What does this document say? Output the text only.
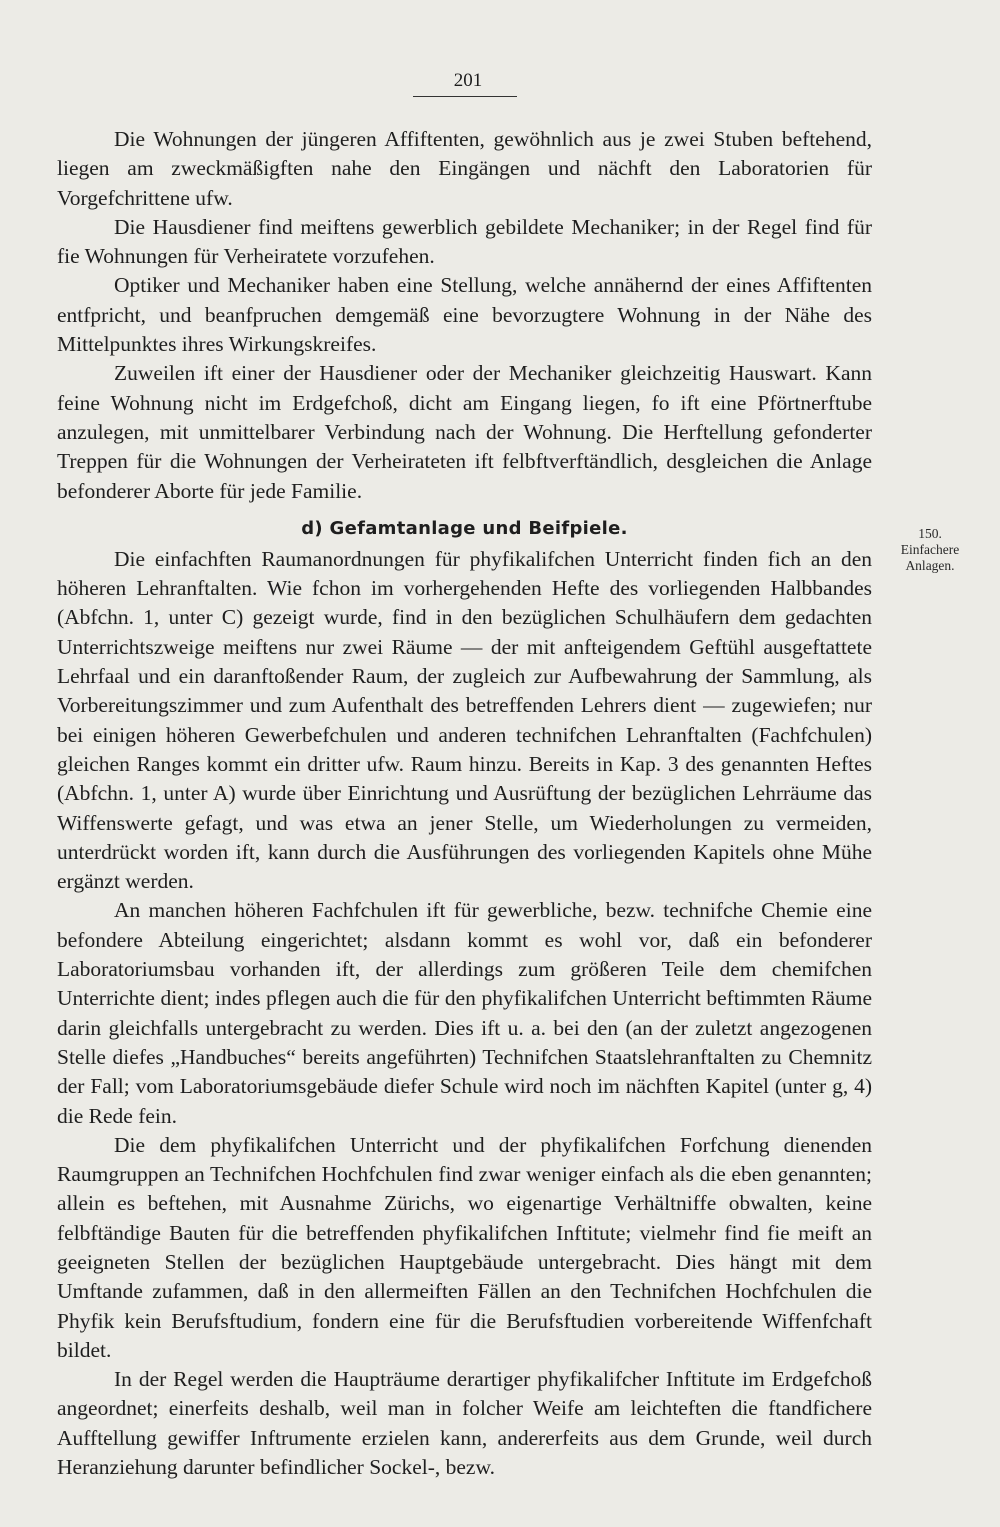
201

Die Wohnungen der jüngeren Affiftenten, gewöhnlich aus je zwei Stuben beftehend, liegen am zweckmäßigften nahe den Eingängen und nächft den Laboratorien für Vorgefchrittene ufw.

Die Hausdiener find meiftens gewerblich gebildete Mechaniker; in der Regel find für fie Wohnungen für Verheiratete vorzufehen.

Optiker und Mechaniker haben eine Stellung, welche annähernd der eines Affiftenten entfpricht, und beanfpruchen demgemäß eine bevorzugtere Wohnung in der Nähe des Mittelpunktes ihres Wirkungskreifes.

Zuweilen ift einer der Hausdiener oder der Mechaniker gleichzeitig Hauswart. Kann feine Wohnung nicht im Erdgefchoß, dicht am Eingang liegen, fo ift eine Pförtnerftube anzulegen, mit unmittelbarer Verbindung nach der Wohnung. Die Herftellung gefonderter Treppen für die Wohnungen der Verheirateten ift felbftverftändlich, desgleichen die Anlage befonderer Aborte für jede Familie.

d) Gefamtanlage und Beifpiele.

Die einfachften Raumanordnungen für phyfikalifchen Unterricht finden fich an den höheren Lehranftalten. Wie fchon im vorhergehenden Hefte des vorliegenden Halbbandes (Abfchn. 1, unter C) gezeigt wurde, find in den bezüglichen Schulhäufern dem gedachten Unterrichtszweige meiftens nur zwei Räume — der mit anfteigendem Geftühl ausgeftattete Lehrfaal und ein daranftoßender Raum, der zugleich zur Aufbewahrung der Sammlung, als Vorbereitungszimmer und zum Aufenthalt des betreffenden Lehrers dient — zugewiefen; nur bei einigen höheren Gewerbefchulen und anderen technifchen Lehranftalten (Fachfchulen) gleichen Ranges kommt ein dritter ufw. Raum hinzu. Bereits in Kap. 3 des genannten Heftes (Abfchn. 1, unter A) wurde über Einrichtung und Ausrüftung der bezüglichen Lehrräume das Wiffenswerte gefagt, und was etwa an jener Stelle, um Wiederholungen zu vermeiden, unterdrückt worden ift, kann durch die Ausführungen des vorliegenden Kapitels ohne Mühe ergänzt werden.

An manchen höheren Fachfchulen ift für gewerbliche, bezw. technifche Chemie eine befondere Abteilung eingerichtet; alsdann kommt es wohl vor, daß ein befonderer Laboratoriumsbau vorhanden ift, der allerdings zum größeren Teile dem chemifchen Unterrichte dient; indes pflegen auch die für den phyfikalifchen Unterricht beftimmten Räume darin gleichfalls untergebracht zu werden. Dies ift u. a. bei den (an der zuletzt angezogenen Stelle diefes „Handbuches“ bereits angeführten) Technifchen Staatslehranftalten zu Chemnitz der Fall; vom Laboratoriumsgebäude diefer Schule wird noch im nächften Kapitel (unter g, 4) die Rede fein.

Die dem phyfikalifchen Unterricht und der phyfikalifchen Forfchung dienenden Raumgruppen an Technifchen Hochfchulen find zwar weniger einfach als die eben genannten; allein es beftehen, mit Ausnahme Zürichs, wo eigenartige Verhältniffe obwalten, keine felbftändige Bauten für die betreffenden phyfikalifchen Inftitute; vielmehr find fie meift an geeigneten Stellen der bezüglichen Hauptgebäude untergebracht. Dies hängt mit dem Umftande zufammen, daß in den allermeiften Fällen an den Technifchen Hochfchulen die Phyfik kein Berufsftudium, fondern eine für die Berufsftudien vorbereitende Wiffenfchaft bildet.

In der Regel werden die Haupträume derartiger phyfikalifcher Inftitute im Erdgefchoß angeordnet; einerfeits deshalb, weil man in folcher Weife am leichteften die ftandfichere Aufftellung gewiffer Inftrumente erzielen kann, andererfeits aus dem Grunde, weil durch Heranziehung darunter befindlicher Sockel-, bezw.

150.
Einfachere
Anlagen.
